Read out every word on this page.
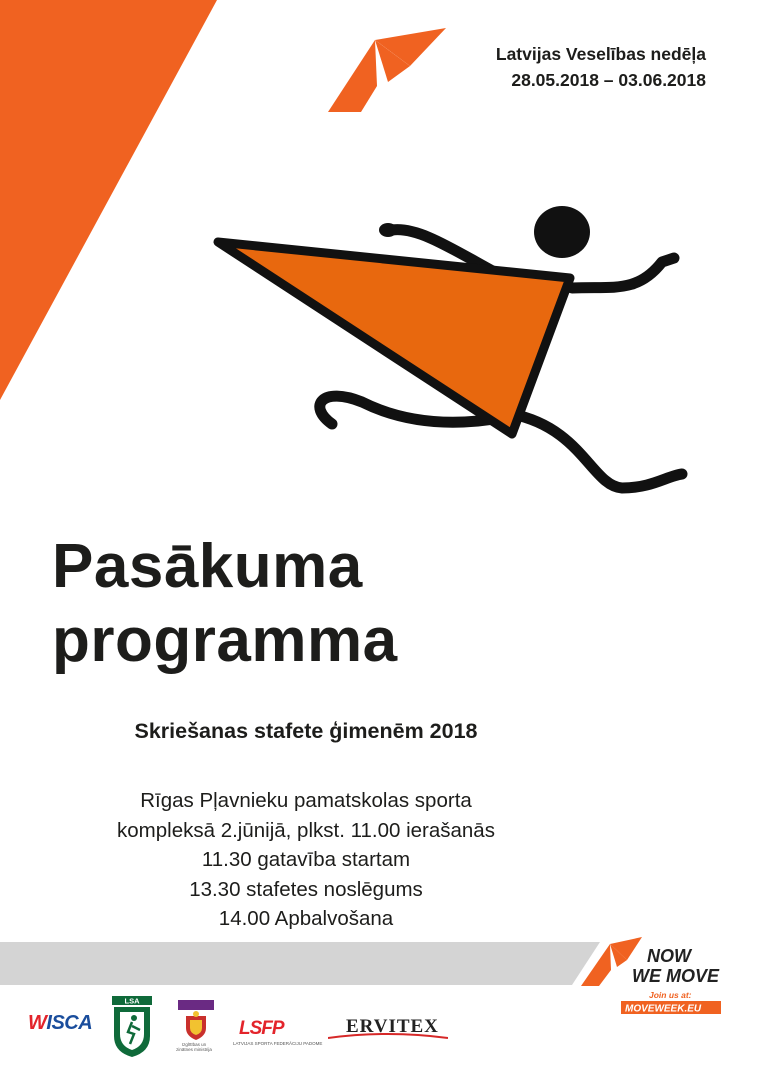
Latvijas Veselības nedēļa
28.05.2018 – 03.06.2018
Pasākuma
programma
Skriešanas stafete ģimenēm 2018
Rīgas Pļavnieku pamatskolas sporta
kompleksā 2.jūnijā, plkst. 11.00 ierašanās
11.30 gatavība startam
13.30 stafetes noslēgums
14.00 Apbalvošana
NOW
WE MOVE
Join us at:
MOVEWEEK.EU
WISCA
LSA
Izglītības un zinātnes ministrija
LSFP
LATVIJAS SPORTA FEDERĀCIJU PADOME
ERVITEX
